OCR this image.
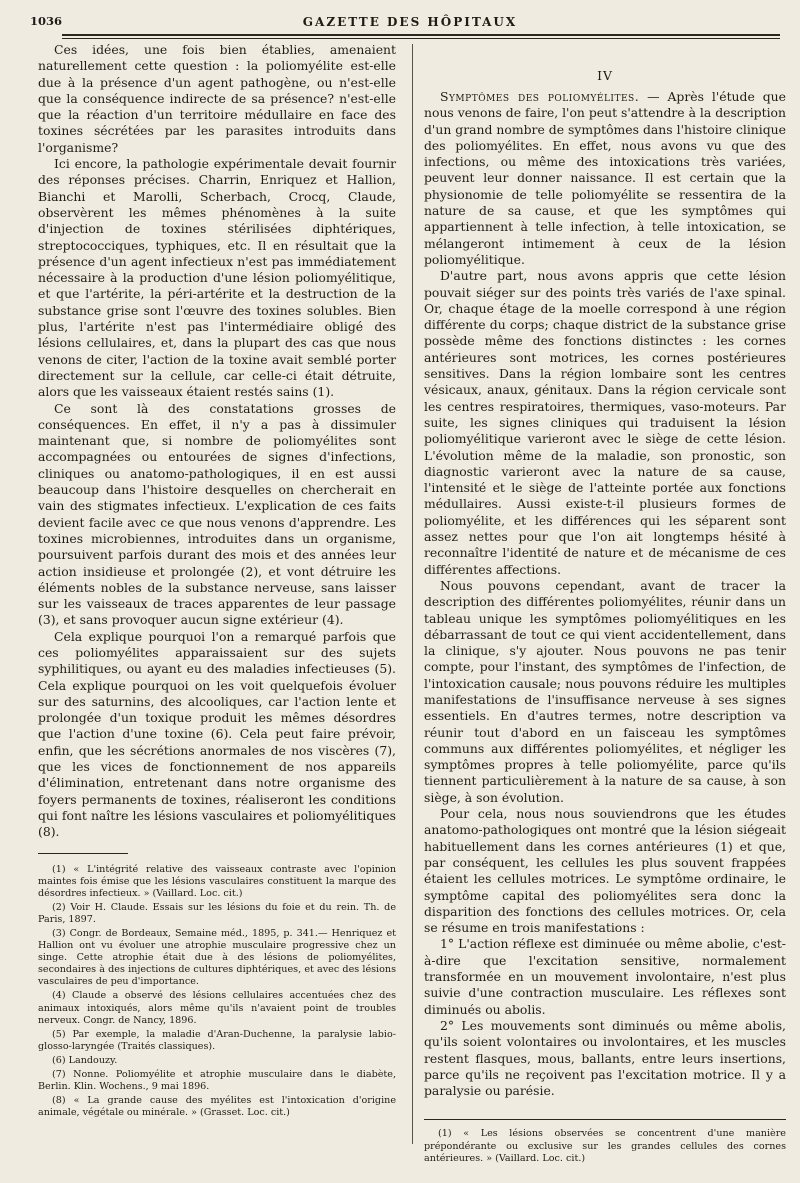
1036	GAZETTE DES HÔPITAUX

Ces idées, une fois bien établies, amenaient naturellement cette question : la poliomyélite est-elle due à la présence d'un agent pathogène, ou n'est-elle que la conséquence indirecte de sa présence? n'est-elle que la réaction d'un territoire médullaire en face des toxines sécrétées par les parasites introduits dans l'organisme?

Ici encore, la pathologie expérimentale devait fournir des réponses précises. Charrin, Enriquez et Hallion, Bianchi et Marolli, Scherbach, Crocq, Claude, observèrent les mêmes phénomènes à la suite d'injection de toxines stérilisées diphtériques, streptococciques, typhiques, etc. Il en résultait que la présence d'un agent infectieux n'est pas immédiatement nécessaire à la production d'une lésion poliomyélitique, et que l'artérite, la péri-artérite et la destruction de la substance grise sont l'œuvre des toxines solubles. Bien plus, l'artérite n'est pas l'intermédiaire obligé des lésions cellulaires, et, dans la plupart des cas que nous venons de citer, l'action de la toxine avait semblé porter directement sur la cellule, car celle-ci était détruite, alors que les vaisseaux étaient restés sains (1).

Ce sont là des constatations grosses de conséquences. En effet, il n'y a pas à dissimuler maintenant que, si nombre de poliomyélites sont accompagnées ou entourées de signes d'infections, cliniques ou anatomo-pathologiques, il en est aussi beaucoup dans l'histoire desquelles on chercherait en vain des stigmates infectieux. L'explication de ces faits devient facile avec ce que nous venons d'apprendre. Les toxines microbiennes, introduites dans un organisme, poursuivent parfois durant des mois et des années leur action insidieuse et prolongée (2), et vont détruire les éléments nobles de la substance nerveuse, sans laisser sur les vaisseaux de traces apparentes de leur passage (3), et sans provoquer aucun signe extérieur (4).

Cela explique pourquoi l'on a remarqué parfois que ces poliomyélites apparaissaient sur des sujets syphilitiques, ou ayant eu des maladies infectieuses (5). Cela explique pourquoi on les voit quelquefois évoluer sur des saturnins, des alcooliques, car l'action lente et prolongée d'un toxique produit les mêmes désordres que l'action d'une toxine (6). Cela peut faire prévoir, enfin, que les sécrétions anormales de nos viscères (7), que les vices de fonctionnement de nos appareils d'élimination, entretenant dans notre organisme des foyers permanents de toxines, réaliseront les conditions qui font naître les lésions vasculaires et poliomyélitiques (8).

(1) « L'intégrité relative des vaisseaux contraste avec l'opinion maintes fois émise que les lésions vasculaires constituent la marque des désordres infectieux. » (Vaillard. Loc. cit.)

(2) Voir H. Claude. Essais sur les lésions du foie et du rein. Th. de Paris, 1897.

(3) Congr. de Bordeaux, Semaine méd., 1895, p. 341.— Henriquez et Hallion ont vu évoluer une atrophie musculaire progressive chez un singe. Cette atrophie était due à des lésions de poliomyélites, secondaires à des injections de cultures diphtériques, et avec des lésions vasculaires de peu d'importance.

(4) Claude a observé des lésions cellulaires accentuées chez des animaux intoxiqués, alors même qu'ils n'avaient point de troubles nerveux. Congr. de Nancy, 1896.

(5) Par exemple, la maladie d'Aran-Duchenne, la paralysie labio-glosso-laryngée (Traités classiques).

(6) Landouzy.

(7) Nonne. Poliomyélite et atrophie musculaire dans le diabète, Berlin. Klin. Wochens., 9 mai 1896.

(8) « La grande cause des myélites est l'intoxication d'origine animale, végétale ou minérale. » (Grasset. Loc. cit.)

IV

Symptômes des poliomyélites. — Après l'étude que nous venons de faire, l'on peut s'attendre à la description d'un grand nombre de symptômes dans l'histoire clinique des poliomyélites. En effet, nous avons vu que des infections, ou même des intoxications très variées, peuvent leur donner naissance. Il est certain que la physionomie de telle poliomyélite se ressentira de la nature de sa cause, et que les symptômes qui appartiennent à telle infection, à telle intoxication, se mélangeront intimement à ceux de la lésion poliomyélitique.

D'autre part, nous avons appris que cette lésion pouvait siéger sur des points très variés de l'axe spinal. Or, chaque étage de la moelle correspond à une région différente du corps; chaque district de la substance grise possède même des fonctions distinctes : les cornes antérieures sont motrices, les cornes postérieures sensitives. Dans la région lombaire sont les centres vésicaux, anaux, génitaux. Dans la région cervicale sont les centres respiratoires, thermiques, vaso-moteurs. Par suite, les signes cliniques qui traduisent la lésion poliomyélitique varieront avec le siège de cette lésion. L'évolution même de la maladie, son pronostic, son diagnostic varieront avec la nature de sa cause, l'intensité et le siège de l'atteinte portée aux fonctions médullaires. Aussi existe-t-il plusieurs formes de poliomyélite, et les différences qui les séparent sont assez nettes pour que l'on ait longtemps hésité à reconnaître l'identité de nature et de mécanisme de ces différentes affections.

Nous pouvons cependant, avant de tracer la description des différentes poliomyélites, réunir dans un tableau unique les symptômes poliomyélitiques en les débarrassant de tout ce qui vient accidentellement, dans la clinique, s'y ajouter. Nous pouvons ne pas tenir compte, pour l'instant, des symptômes de l'infection, de l'intoxication causale; nous pouvons réduire les multiples manifestations de l'insuffisance nerveuse à ses signes essentiels. En d'autres termes, notre description va réunir tout d'abord en un faisceau les symptômes communs aux différentes poliomyélites, et négliger les symptômes propres à telle poliomyélite, parce qu'ils tiennent particulièrement à la nature de sa cause, à son siège, à son évolution.

Pour cela, nous nous souviendrons que les études anatomo-pathologiques ont montré que la lésion siégeait habituellement dans les cornes antérieures (1) et que, par conséquent, les cellules les plus souvent frappées étaient les cellules motrices. Le symptôme ordinaire, le symptôme capital des poliomyélites sera donc la disparition des fonctions des cellules motrices. Or, cela se résume en trois manifestations :

1° L'action réflexe est diminuée ou même abolie, c'est-à-dire que l'excitation sensitive, normalement transformée en un mouvement involontaire, n'est plus suivie d'une contraction musculaire. Les réflexes sont diminués ou abolis.

2° Les mouvements sont diminués ou même abolis, qu'ils soient volontaires ou involontaires, et les muscles restent flasques, mous, ballants, entre leurs insertions, parce qu'ils ne reçoivent pas l'excitation motrice. Il y a paralysie ou parésie.

(1) « Les lésions observées se concentrent d'une manière prépondérante ou exclusive sur les grandes cellules des cornes antérieures. » (Vaillard. Loc. cit.)
